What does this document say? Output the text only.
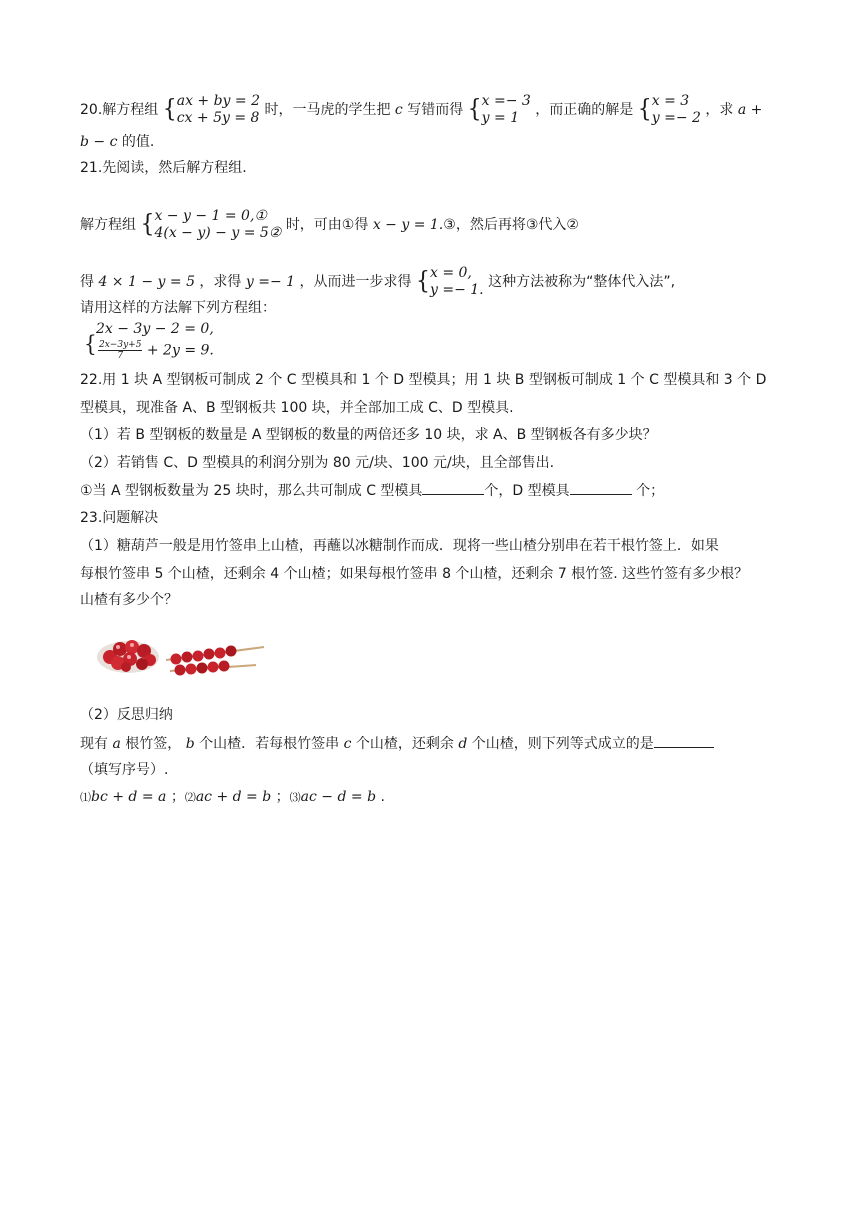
20.解方程组 { ax + by = 2
cx + 5y = 8 时，一马虎的学生把 c 写错而得 { x =− 3
y = 1	，而正确的解是 { x = 3
y =− 2 ，求 a +
b − c 的值.
21.先阅读，然后解方程组.
解方程组 { x − y − 1 = 0,①
4(x − y) − y = 5② 时，可由①得 x − y = 1.③，然后再将③代入②
得 4 × 1 − y = 5 ，求得 y =− 1 ，从而进一步求得 { x = 0,
y =− 1. 这种方法被称为“整体代入法”,
请用这样的方法解下列方程组：
{
2x − 3y − 2 = 0,
$\frac{2x-3y+5}{7} + 2y = 9$.
22.用 1 块 A 型钢板可制成 2 个 C 型模具和 1 个 D 型模具；用 1 块 B 型钢板可制成 1 个 C 型模具和 3 个 D
型模具，现准备 A、B 型钢板共 100 块，并全部加工成 C、D 型模具.
（1）若 B 型钢板的数量是 A 型钢板的数量的两倍还多 10 块，求 A、B 型钢板各有多少块？
（2）若销售 C、D 型模具的利润分别为 80 元/块、100 元/块，且全部售出.
①当 A 型钢板数量为 25 块时，那么共可制成 C 型模具	个，D 型模具	个；
23.问题解决
（1）糖葫芦一般是用竹签串上山楂，再蘸以冰糖制作而成．现将一些山楂分别串在若干根竹签上．如果
每根竹签串 5 个山楂，还剩余 4 个山楂；如果每根竹签串 8 个山楂，还剩余 7 根竹签. 这些竹签有多少根？
山楂有多少个？
（2）反思归纳
现有 a 根竹签， b 个山楂．若每根竹签串 c 个山楂，还剩余 d 个山楂，则下列等式成立的是
（填写序号）.
⑴bc + d = a ；⑵ac + d = b ；⑶ac − d = b .
